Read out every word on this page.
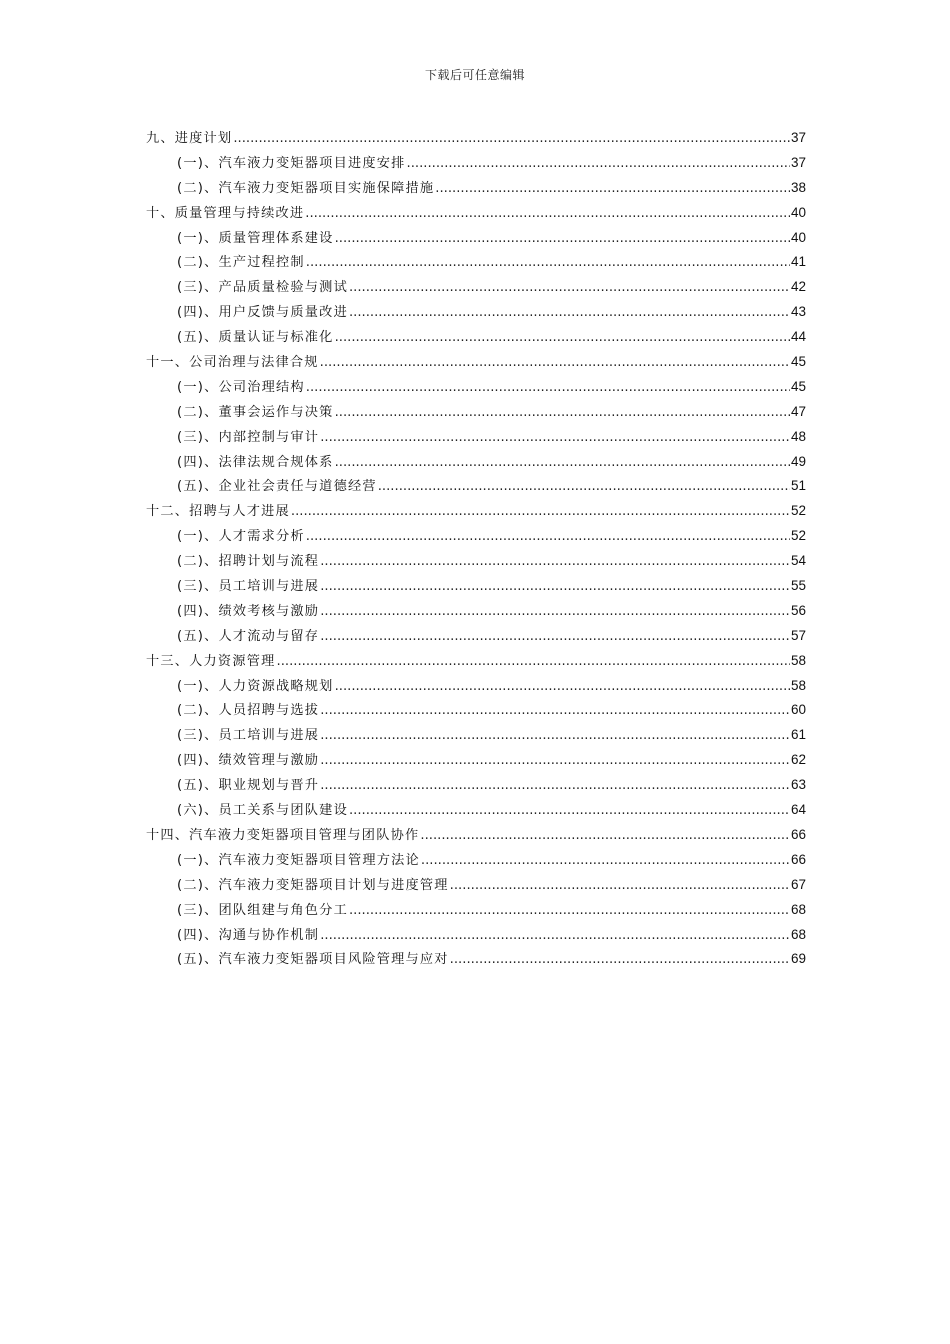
下载后可任意编辑
九、进度计划 .....	37
(一)、汽车液力变矩器项目进度安排 .....	37
(二)、汽车液力变矩器项目实施保障措施 .....	38
十、质量管理与持续改进 .....	40
(一)、质量管理体系建设 .....	40
(二)、生产过程控制 .....	41
(三)、产品质量检验与测试 .....	42
(四)、用户反馈与质量改进 .....	43
(五)、质量认证与标准化 .....	44
十一、公司治理与法律合规 .....	45
(一)、公司治理结构 .....	45
(二)、董事会运作与决策 .....	47
(三)、内部控制与审计 .....	48
(四)、法律法规合规体系 .....	49
(五)、企业社会责任与道德经营 .....	51
十二、招聘与人才进展 .....	52
(一)、人才需求分析 .....	52
(二)、招聘计划与流程 .....	54
(三)、员工培训与进展 .....	55
(四)、绩效考核与激励 .....	56
(五)、人才流动与留存 .....	57
十三、人力资源管理 .....	58
(一)、人力资源战略规划 .....	58
(二)、人员招聘与选拔 .....	60
(三)、员工培训与进展 .....	61
(四)、绩效管理与激励 .....	62
(五)、职业规划与晋升 .....	63
(六)、员工关系与团队建设 .....	64
十四、汽车液力变矩器项目管理与团队协作 .....	66
(一)、汽车液力变矩器项目管理方法论 .....	66
(二)、汽车液力变矩器项目计划与进度管理 .....	67
(三)、团队组建与角色分工 .....	68
(四)、沟通与协作机制 .....	68
(五)、汽车液力变矩器项目风险管理与应对 .....	69
